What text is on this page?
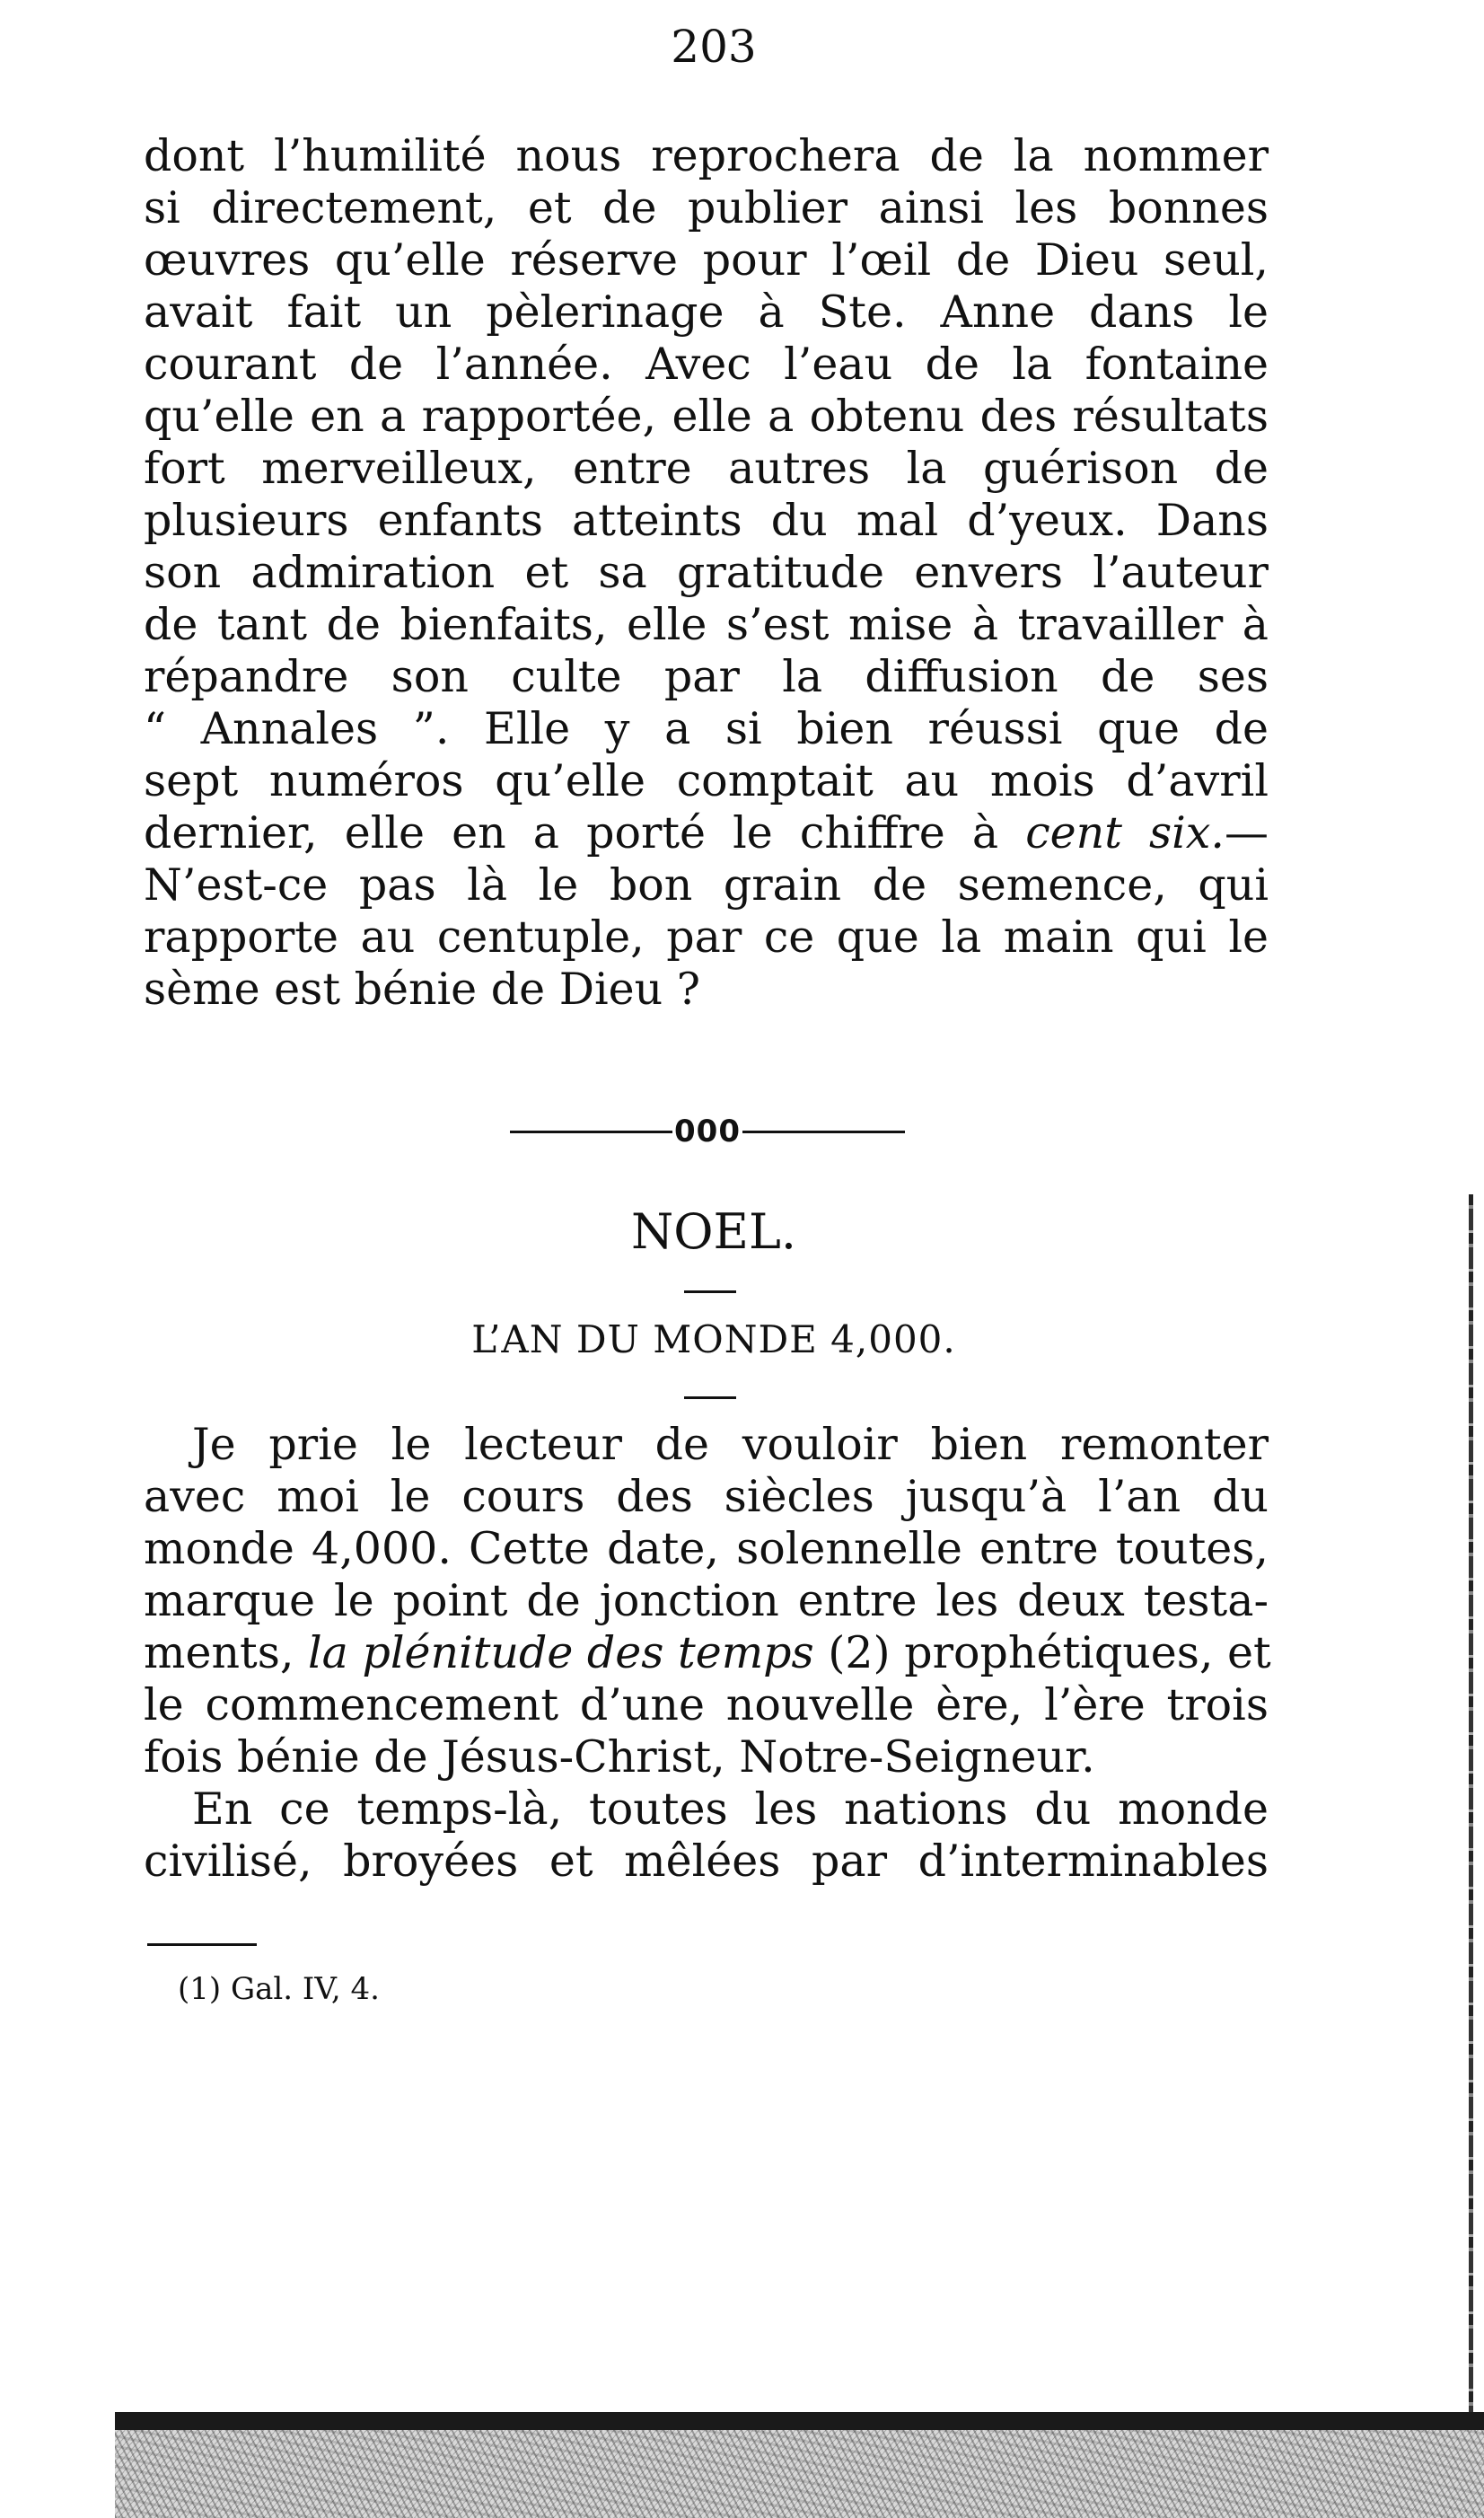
203
dont l’humilité nous reprochera de la nommer
si directement, et de publier ainsi les bonnes
œuvres qu’elle réserve pour l’œil de Dieu seul,
avait fait un pèlerinage à Ste. Anne dans le
courant de l’année. Avec l’eau de la fontaine
qu’elle en a rapportée, elle a obtenu des résultats
fort merveilleux, entre autres la guérison de
plusieurs enfants atteints du mal d’yeux. Dans
son admiration et sa gratitude envers l’auteur
de tant de bienfaits, elle s’est mise à travailler à
répandre son culte par la diffusion de ses
“ Annales ”. Elle y a si bien réussi que de
sept numéros qu’elle comptait au mois d’avril
dernier, elle en a porté le chiffre à cent six.—
N’est-ce pas là le bon grain de semence, qui
rapporte au centuple, par ce que la main qui le
sème est bénie de Dieu ?
000
NOEL.
L’AN DU MONDE 4,000.
Je prie le lecteur de vouloir bien remonter
avec moi le cours des siècles jusqu’à l’an du
monde 4,000. Cette date, solennelle entre toutes,
marque le point de jonction entre les deux testa-
ments, la plénitude des temps (2) prophétiques, et
le commencement d’une nouvelle ère, l’ère trois
fois bénie de Jésus-Christ, Notre-Seigneur.
En ce temps-là, toutes les nations du monde
civilisé, broyées et mêlées par d’interminables

(1) Gal. IV, 4.
